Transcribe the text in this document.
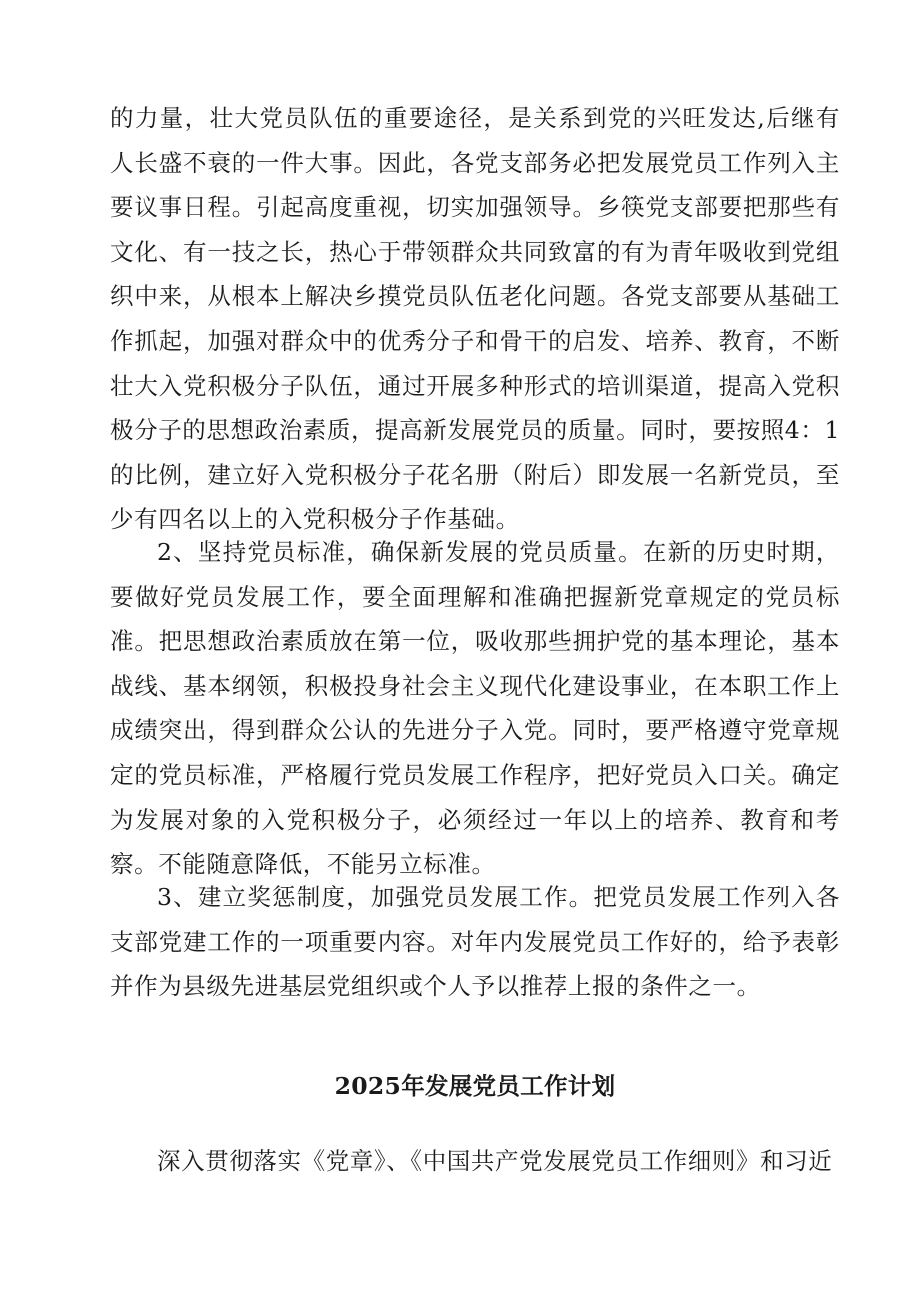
的力量，壮大党员队伍的重要途径，是关系到党的兴旺发达,后继有人长盛不衰的一件大事。因此，各党支部务必把发展党员工作列入主要议事日程。引起高度重视，切实加强领导。乡筷党支部要把那些有文化、有一技之长，热心于带领群众共同致富的有为青年吸收到党组织中来，从根本上解决乡摸党员队伍老化问题。各党支部要从基础工作抓起，加强对群众中的优秀分子和骨干的启发、培养、教育，不断壮大入党积极分子队伍，通过开展多种形式的培训渠道，提高入党积极分子的思想政治素质，提高新发展党员的质量。同时，要按照4：1的比例，建立好入党积极分子花名册（附后）即发展一名新党员，至少有四名以上的入党积极分子作基础。

2、坚持党员标准，确保新发展的党员质量。在新的历史时期，要做好党员发展工作，要全面理解和准确把握新党章规定的党员标准。把思想政治素质放在第一位，吸收那些拥护党的基本理论，基本战线、基本纲领，积极投身社会主义现代化建设事业，在本职工作上成绩突出，得到群众公认的先进分子入党。同时，要严格遵守党章规定的党员标准，严格履行党员发展工作程序，把好党员入口关。确定为发展对象的入党积极分子，必须经过一年以上的培养、教育和考察。不能随意降低，不能另立标准。

3、建立奖惩制度，加强党员发展工作。把党员发展工作列入各支部党建工作的一项重要内容。对年内发展党员工作好的，给予表彰并作为县级先进基层党组织或个人予以推荐上报的条件之一。

2025年发展党员工作计划

深入贯彻落实《党章》、《中国共产党发展党员工作细则》和习近
